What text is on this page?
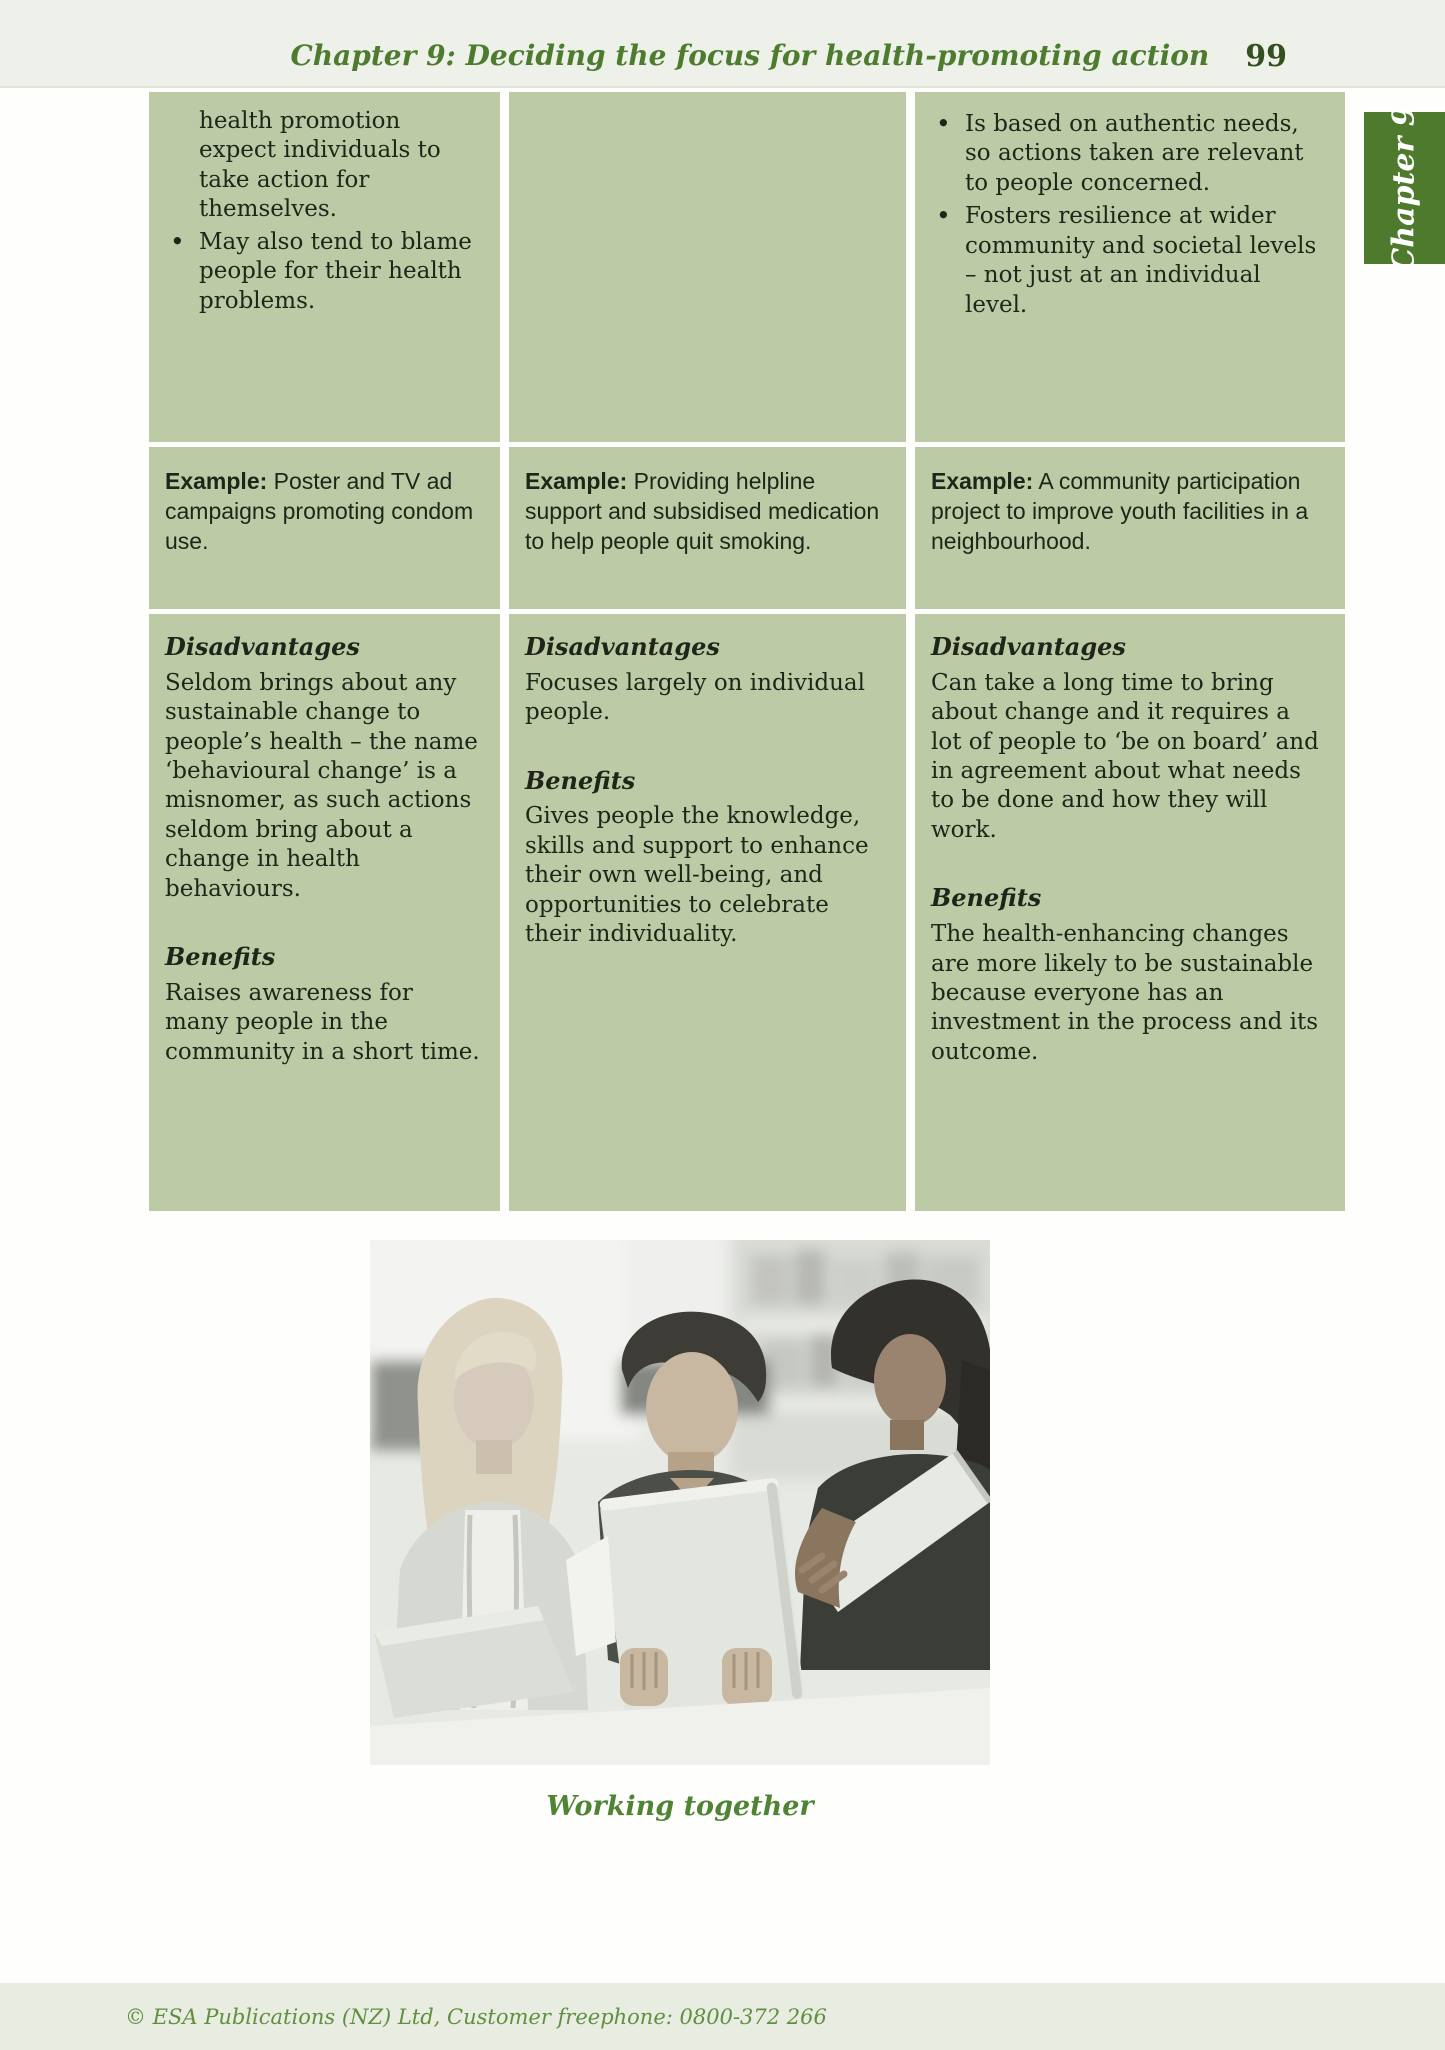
Chapter 9: Deciding the focus for health-promoting action 99
Chapter 9
health promotion expect individuals to take action for themselves.
• May also tend to blame people for their health problems.
• Is based on authentic needs, so actions taken are relevant to people concerned.
• Fosters resilience at wider community and societal levels – not just at an individual level.

Example: Poster and TV ad campaigns promoting condom use.

Example: Providing helpline support and subsidised medication to help people quit smoking.

Example: A community participation project to improve youth facilities in a neighbourhood.

Disadvantages

Seldom brings about any sustainable change to people’s health – the name ‘behavioural change’ is a misnomer, as such actions seldom bring about a change in health behaviours.

Benefits

Raises awareness for many people in the community in a short time.

Disadvantages

Focuses largely on individual people.

Benefits

Gives people the knowledge, skills and support to enhance their own well-being, and opportunities to celebrate their individuality.

Disadvantages

Can take a long time to bring about change and it requires a lot of people to ‘be on board’ and in agreement about what needs to be done and how they will work.

Benefits

The health-enhancing changes are more likely to be sustainable because everyone has an investment in the process and its outcome.

Working together
© ESA Publications (NZ) Ltd, Customer freephone: 0800-372 266
